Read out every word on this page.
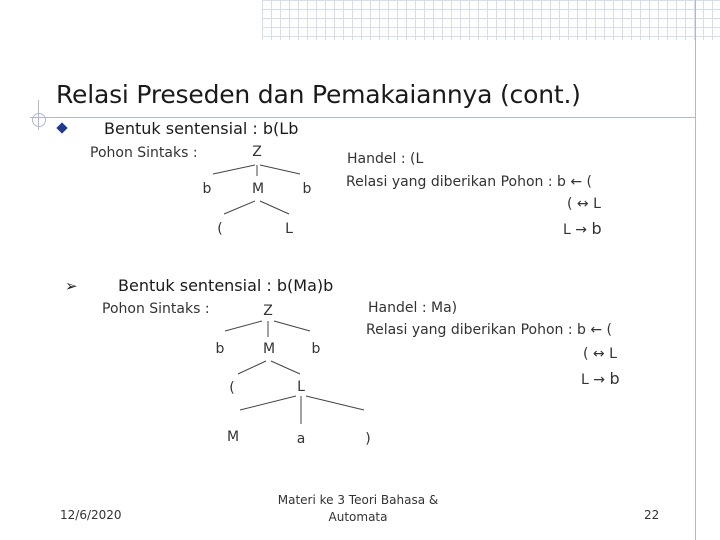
Relasi Preseden dan Pemakaiannya (cont.)
Bentuk sentensial : b(Lb
Pohon Sintaks :	Z
b	M	b
(	L
Handel : (L
Relasi yang diberikan Pohon : b ← (
( ↔ L
L → b
➢	Bentuk sentensial : b(Ma)b
Pohon Sintaks :	Z
b	M	b
(	L
M	a	)
Handel : Ma)
Relasi yang diberikan Pohon : b ← (
( ↔ L
L → b
12/6/2020
Materi ke 3 Teori Bahasa &
Automata	22
